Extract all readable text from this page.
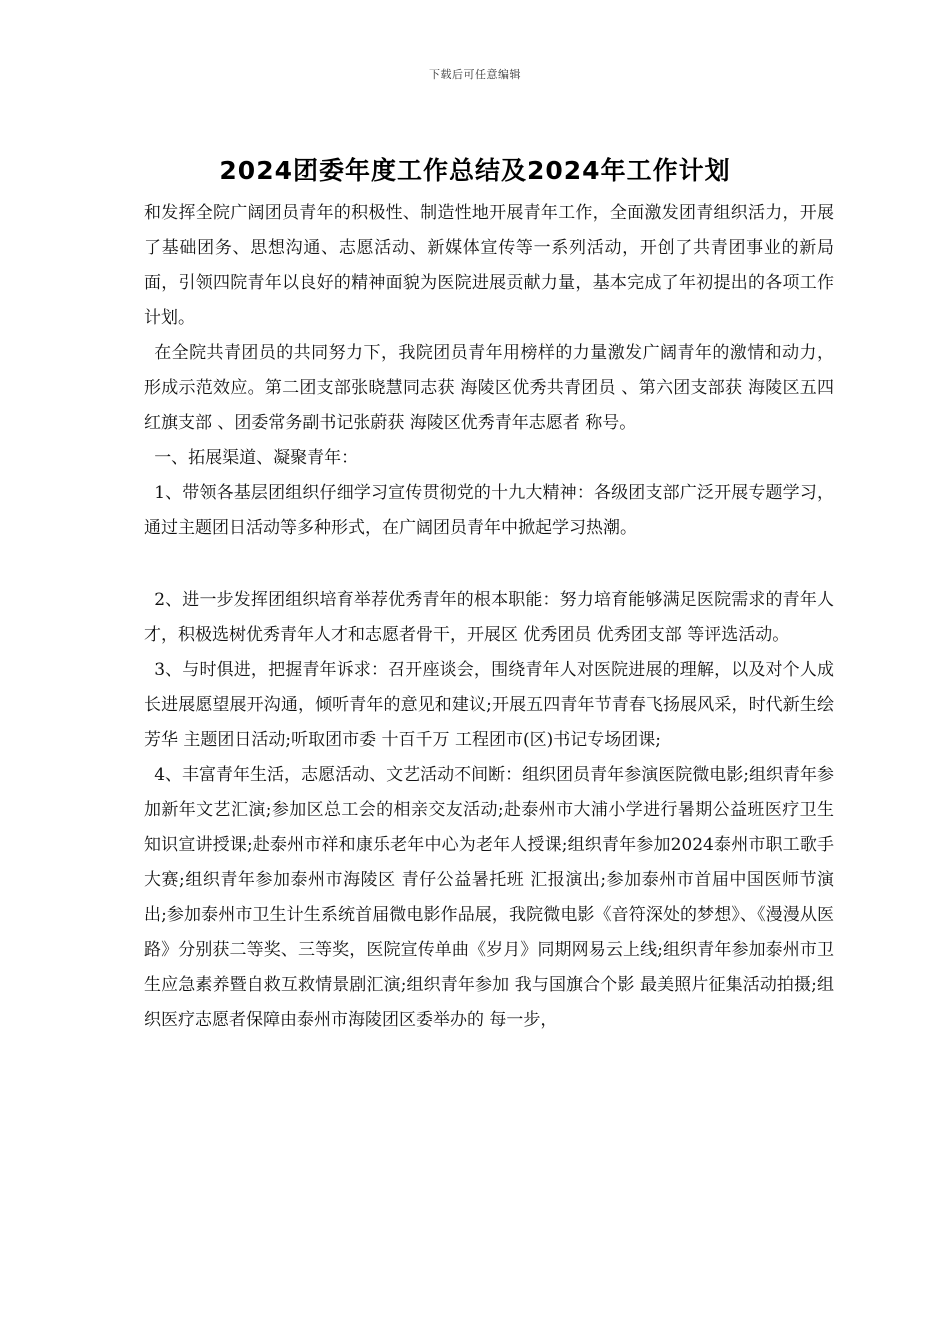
下载后可任意编辑
2024团委年度工作总结及2024年工作计划

和发挥全院广阔团员青年的积极性、制造性地开展青年工作，全面激发团青组织活力，开展了基础团务、思想沟通、志愿活动、新媒体宣传等一系列活动，开创了共青团事业的新局面，引领四院青年以良好的精神面貌为医院进展贡献力量，基本完成了年初提出的各项工作计划。

在全院共青团员的共同努力下，我院团员青年用榜样的力量激发广阔青年的激情和动力，形成示范效应。第二团支部张晓慧同志获 海陵区优秀共青团员 、第六团支部获 海陵区五四红旗支部 、团委常务副书记张蔚获 海陵区优秀青年志愿者 称号。

一、拓展渠道、凝聚青年：

1、带领各基层团组织仔细学习宣传贯彻党的十九大精神：各级团支部广泛开展专题学习，通过主题团日活动等多种形式，在广阔团员青年中掀起学习热潮。

2、进一步发挥团组织培育举荐优秀青年的根本职能：努力培育能够满足医院需求的青年人才，积极选树优秀青年人才和志愿者骨干，开展区 优秀团员 优秀团支部 等评选活动。

3、与时俱进，把握青年诉求：召开座谈会，围绕青年人对医院进展的理解，以及对个人成长进展愿望展开沟通，倾听青年的意见和建议;开展五四青年节青春飞扬展风采，时代新生绘芳华 主题团日活动;听取团市委 十百千万 工程团市(区)书记专场团课;

4、丰富青年生活，志愿活动、文艺活动不间断：组织团员青年参演医院微电影;组织青年参加新年文艺汇演;参加区总工会的相亲交友活动;赴泰州市大浦小学进行暑期公益班医疗卫生知识宣讲授课;赴泰州市祥和康乐老年中心为老年人授课;组织青年参加2024泰州市职工歌手大赛;组织青年参加泰州市海陵区 青仔公益暑托班 汇报演出;参加泰州市首届中国医师节演出;参加泰州市卫生计生系统首届微电影作品展，我院微电影《音符深处的梦想》、《漫漫从医路》分别获二等奖、三等奖，医院宣传单曲《岁月》同期网易云上线;组织青年参加泰州市卫生应急素养暨自救互救情景剧汇演;组织青年参加 我与国旗合个影 最美照片征集活动拍摄;组织医疗志愿者保障由泰州市海陵团区委举办的 每一步，
